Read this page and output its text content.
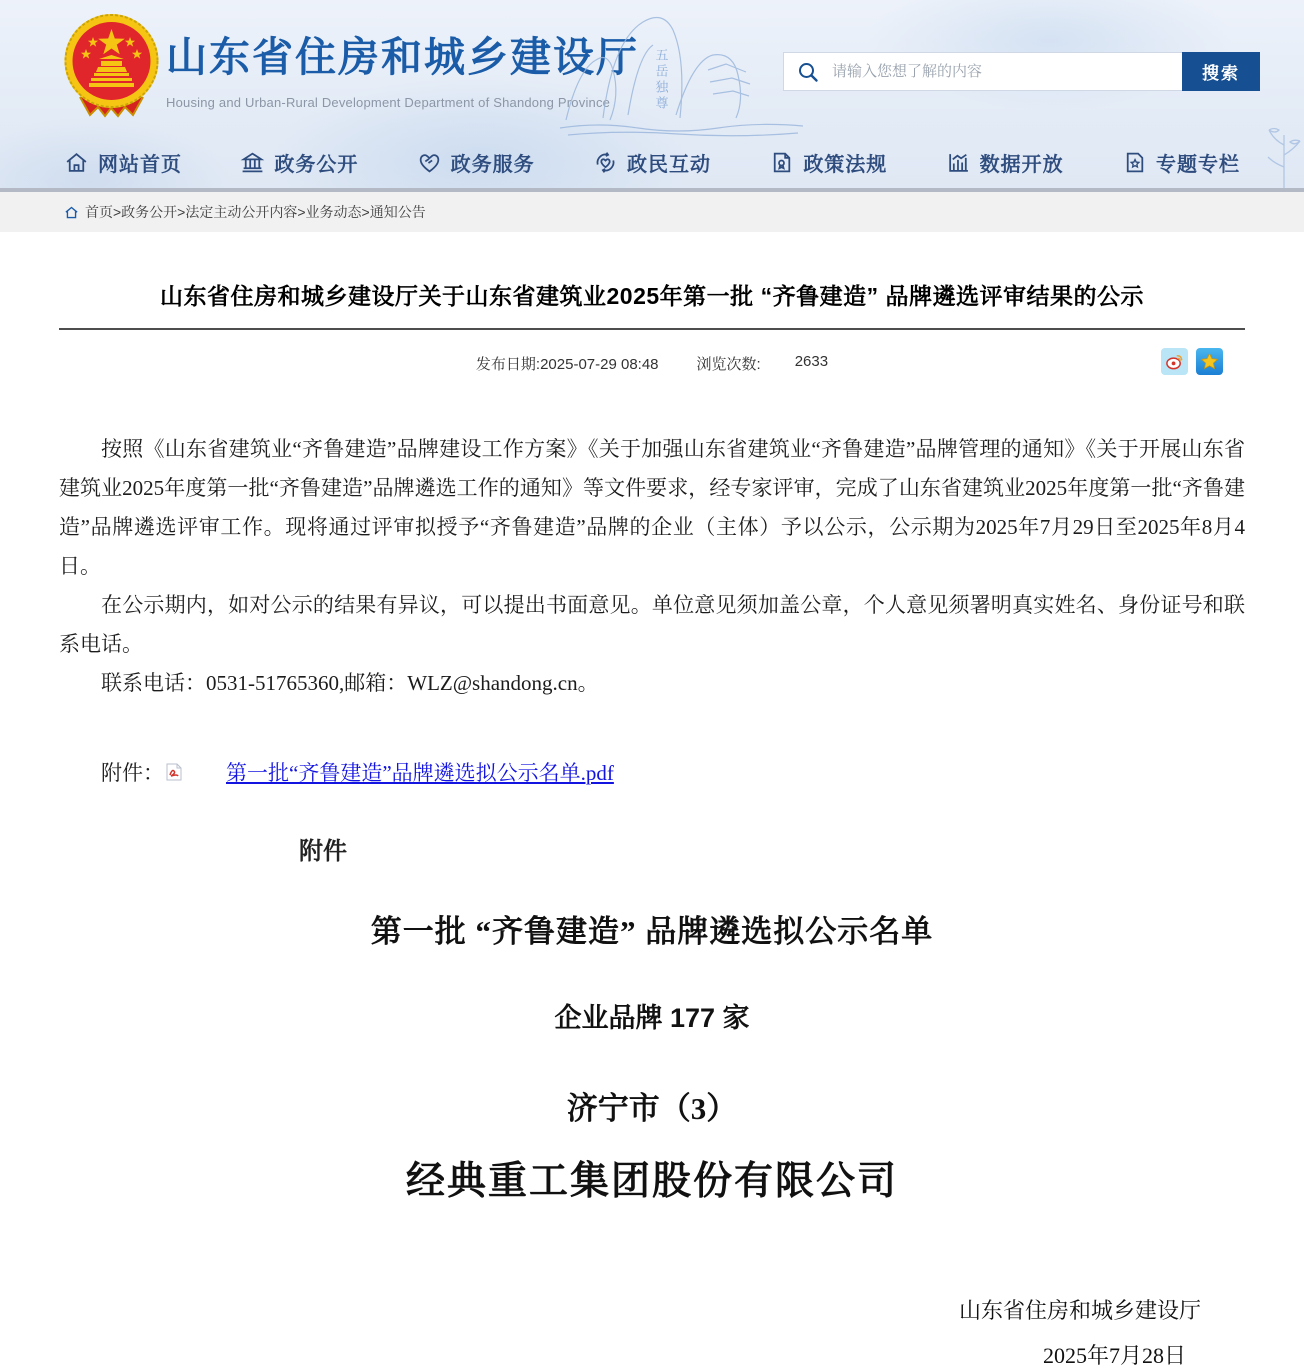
山东省住房和城乡建设厅
Housing and Urban-Rural Development Department of Shandong Province	五岳独尊
请输入您想了解的内容	搜索
网站首页	政务公开	政务服务	政民互动	政策法规	数据开放	专题专栏
首页>政务公开>法定主动公开内容>业务动态>通知公告
山东省住房和城乡建设厅关于山东省建筑业2025年第一批 “齐鲁建造” 品牌遴选评审结果的公示
发布日期:2025-07-29 08:48	浏览次数: 2633

按照《山东省建筑业“齐鲁建造”品牌建设工作方案》《关于加强山东省建筑业“齐鲁建造”品牌管理的通知》《关于开展山东省建筑业2025年度第一批“齐鲁建造”品牌遴选工作的通知》等文件要求，经专家评审，完成了山东省建筑业2025年度第一批“齐鲁建造”品牌遴选评审工作。现将通过评审拟授予“齐鲁建造”品牌的企业（主体）予以公示，公示期为2025年7月29日至2025年8月4日。

在公示期内，如对公示的结果有异议，可以提出书面意见。单位意见须加盖公章，个人意见须署明真实姓名、身份证号和联系电话。

联系电话：0531-51765360,邮箱：WLZ@shandong.cn。

附件：	第一批“齐鲁建造”品牌遴选拟公示名单.pdf
附件
第一批 “齐鲁建造” 品牌遴选拟公示名单
企业品牌 177 家
济宁市（3）
经典重工集团股份有限公司
山东省住房和城乡建设厅
2025年7月28日
